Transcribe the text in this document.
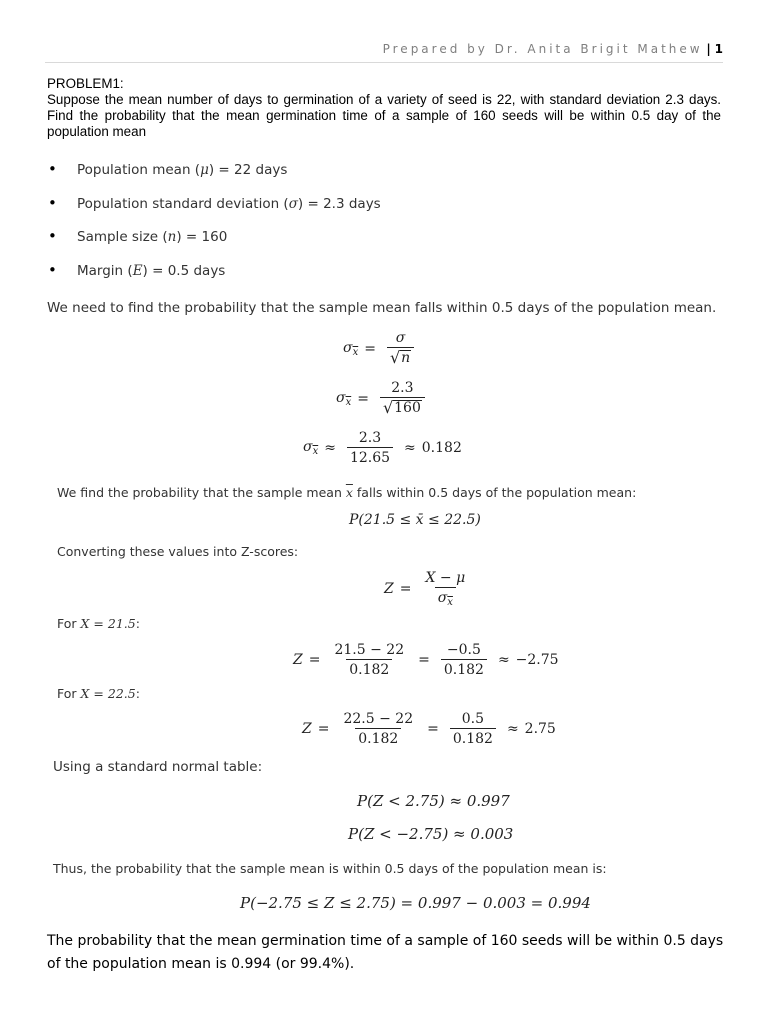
Prepared by Dr. Anita Brigit Mathew | 1
PROBLEM1:
Suppose the mean number of days to germination of a variety of seed is 22, with standard deviation 2.3 days. Find the probability that the mean germination time of a sample of 160 seeds will be within 0.5 day of the population mean
•	Population mean (μ) = 22 days
•	Population standard deviation (σ) = 2.3 days
•	Sample size (n) = 160
•	Margin (E) = 0.5 days
We need to find the probability that the sample mean falls within 0.5 days of the population mean.
$\sigma_{\overline{x}} = \frac{\sigma}{√ n}$
$\sigma_{\overline{x}} = \frac{2.3}{√ 160}$
$\sigma_{\overline{x}} \approx \frac{2.3}{12.65} \approx 0.182$
We find the probability that the sample mean $\overline{x}$ falls within 0.5 days of the population mean:
P(21.5 ≤ x̄ ≤ 22.5)
Converting these values into Z-scores:
$Z = \frac{X - \mu}{\sigma_{\overline{x}}}$
For X = 21.5:
$Z = \frac{21.5 - 22}{0.182} = \frac{-0.5}{0.182} \approx -2.75$
For X = 22.5:
$Z = \frac{22.5 - 22}{0.182} = \frac{0.5}{0.182} \approx 2.75$
Using a standard normal table:
P(Z < 2.75) ≈ 0.997
P(Z < −2.75) ≈ 0.003
Thus, the probability that the sample mean is within 0.5 days of the population mean is:
P(−2.75 ≤ Z ≤ 2.75) = 0.997 − 0.003 = 0.994
The probability that the mean germination time of a sample of 160 seeds will be within 0.5 days of the population mean is 0.994 (or 99.4%).
